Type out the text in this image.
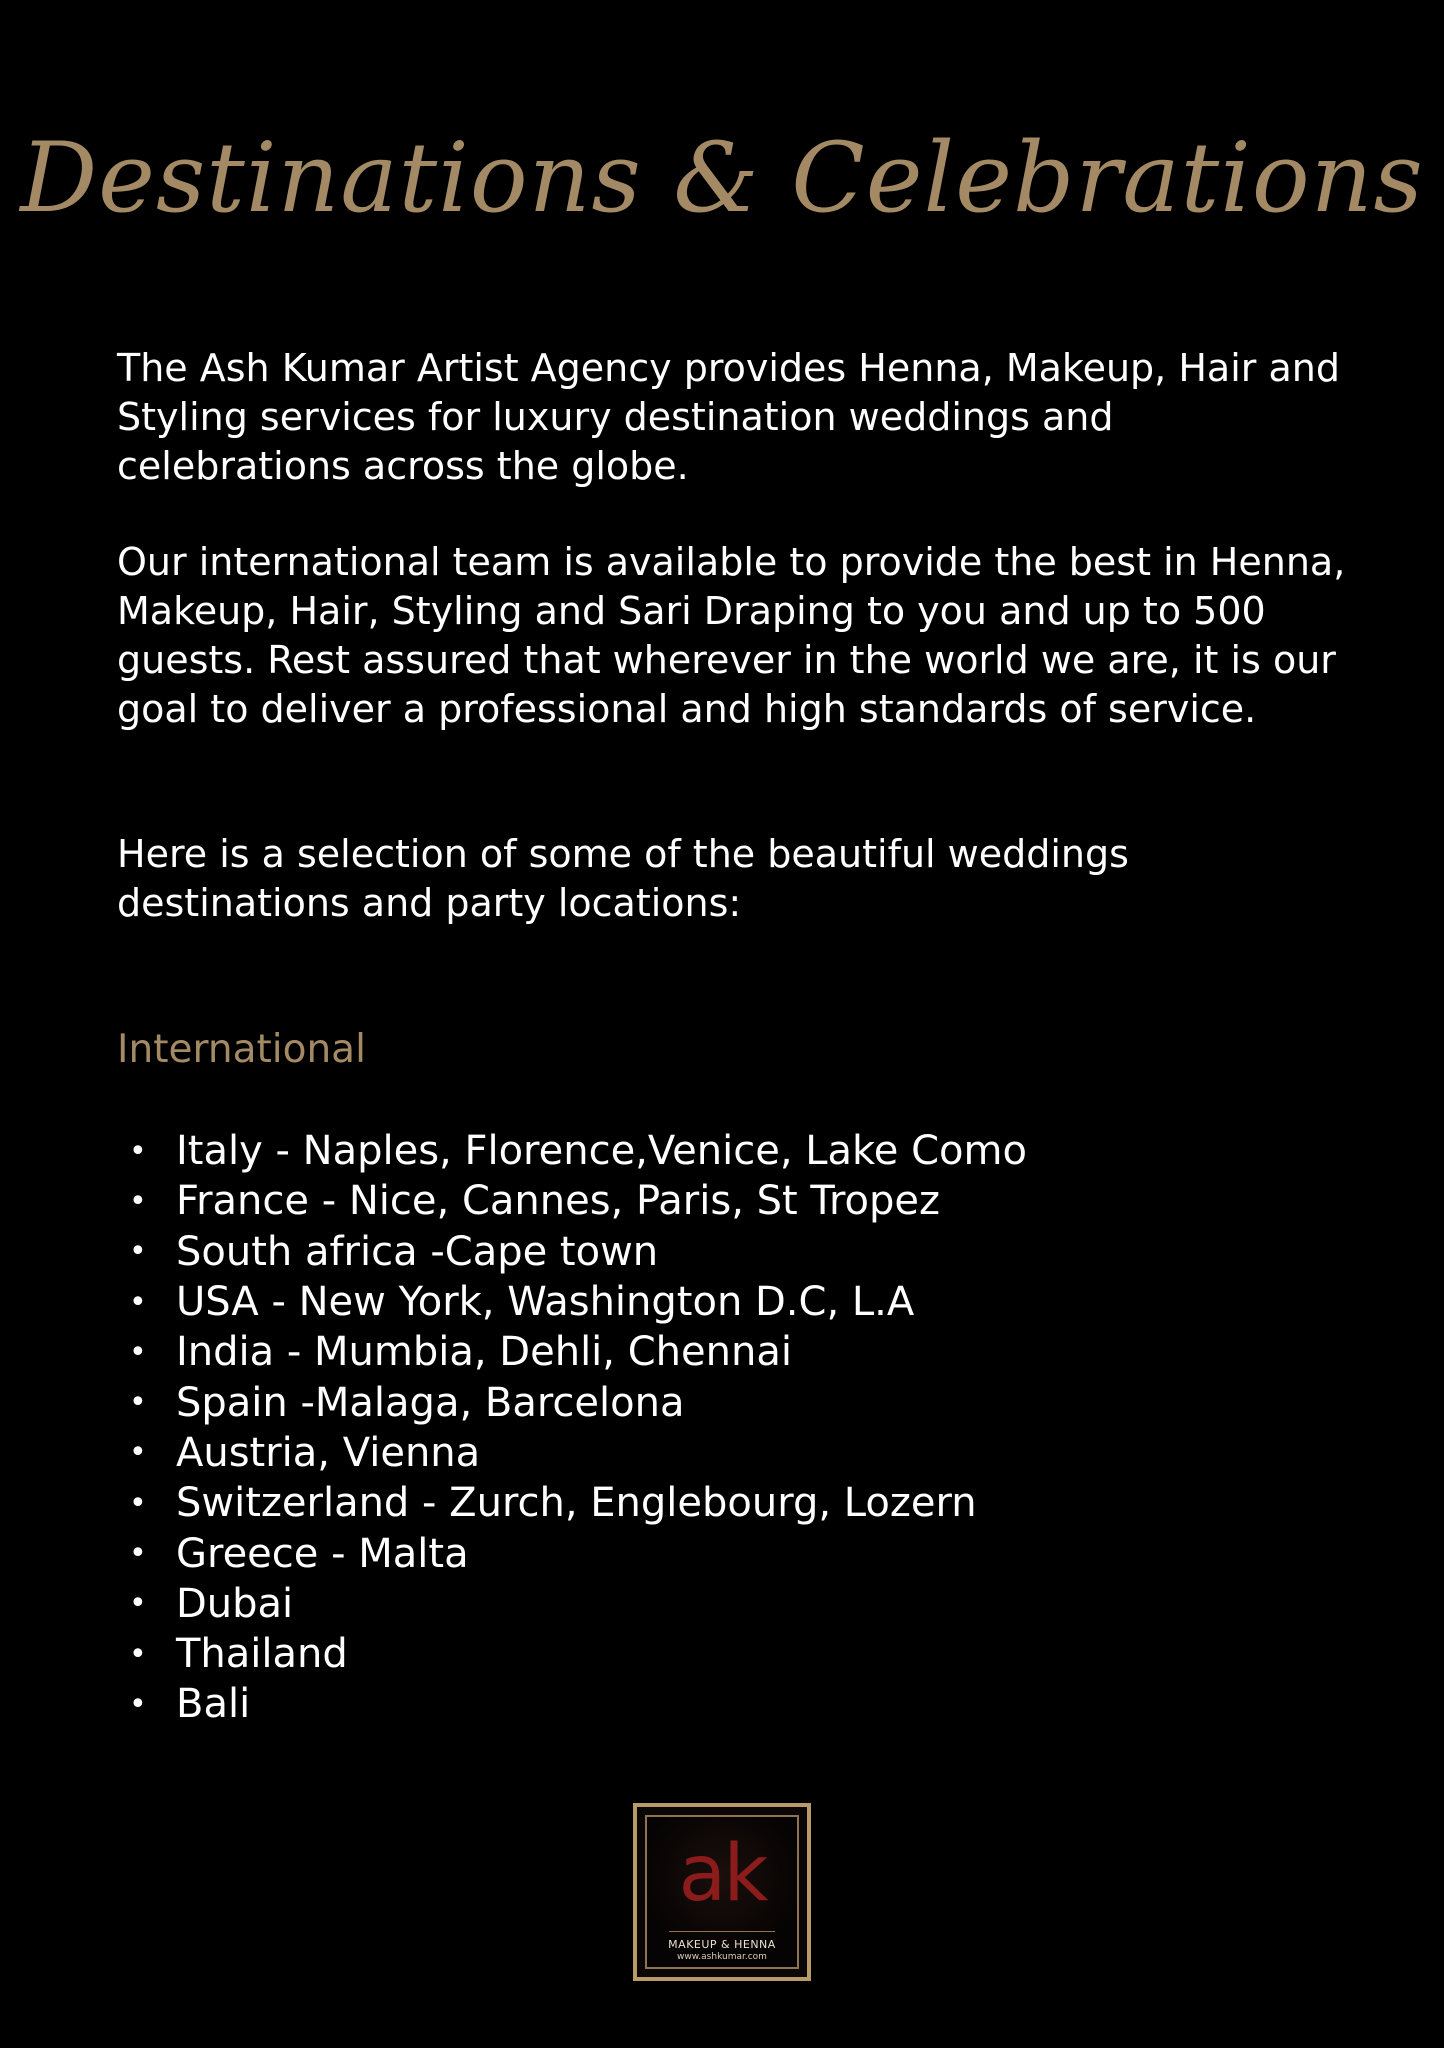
Destinations & Celebrations

The Ash Kumar Artist Agency provides Henna, Makeup, Hair and Styling services for luxury destination weddings and celebrations across the globe.

Our international team is available to provide the best in Henna, Makeup, Hair, Styling and Sari Draping to you and up to 500 guests. Rest assured that wherever in the world we are, it is our goal to deliver a professional and high standards of service.

Here is a selection of some of the beautiful weddings destinations and party locations:

International
• Italy - Naples, Florence,Venice, Lake Como
• France - Nice, Cannes, Paris, St Tropez
• South africa -Cape town
• USA - New York, Washington D.C, L.A
• India - Mumbia, Dehli, Chennai
• Spain -Malaga, Barcelona
• Austria, Vienna
• Switzerland - Zurch, Englebourg, Lozern
• Greece - Malta
• Dubai
• Thailand
• Bali
ak
MAKEUP & HENNA
www.ashkumar.com
